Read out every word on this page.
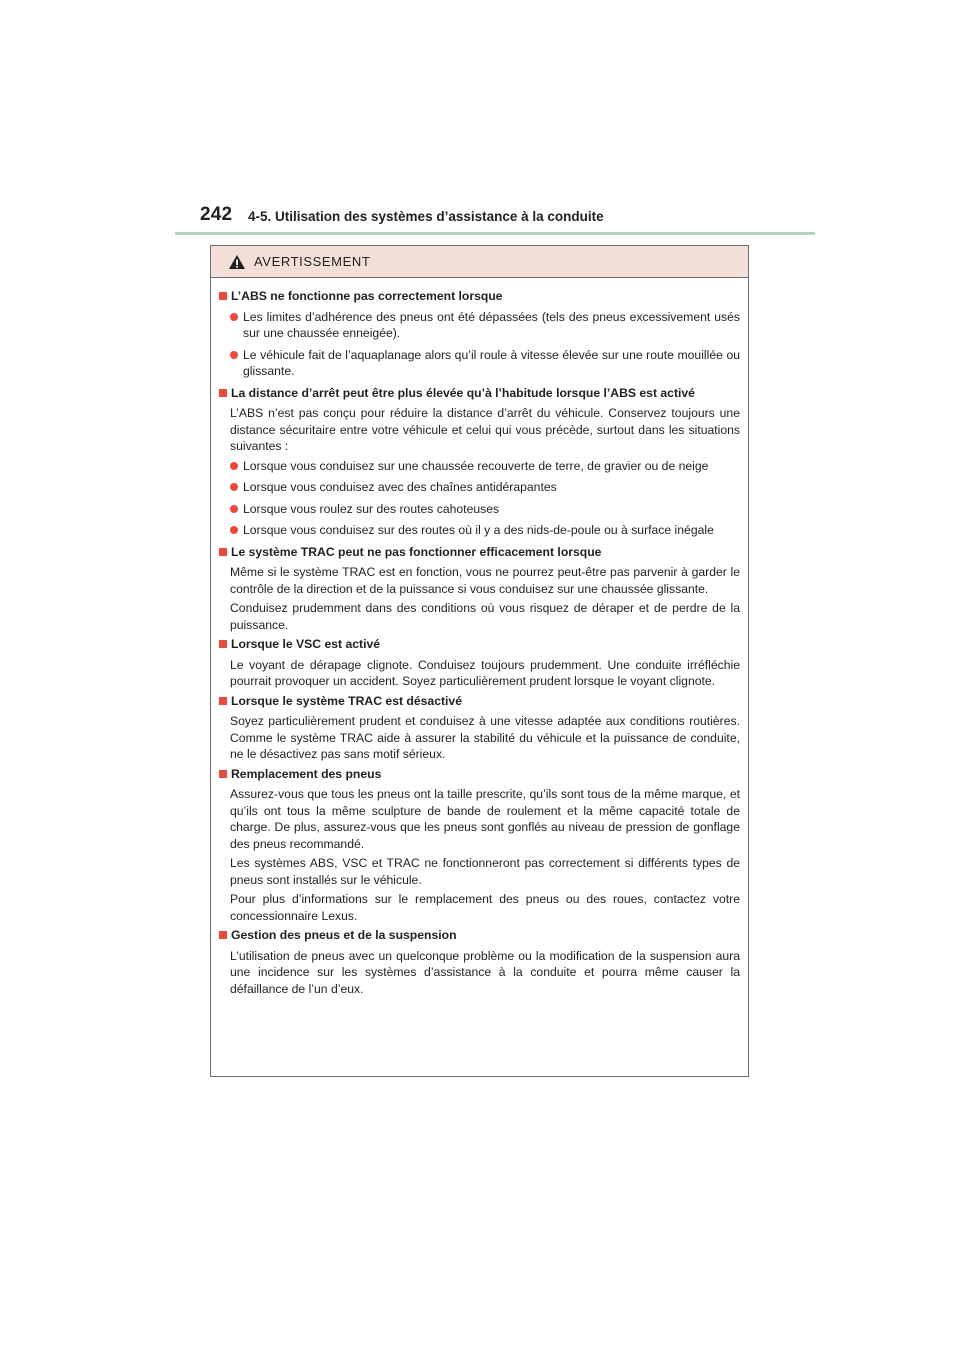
242 4-5. Utilisation des systèmes d’assistance à la conduite
AVERTISSEMENT
L’ABS ne fonctionne pas correctement lorsque
Les limites d’adhérence des pneus ont été dépassées (tels des pneus excessivement usés sur une chaussée enneigée).
Le véhicule fait de l’aquaplanage alors qu’il roule à vitesse élevée sur une route mouillée ou glissante.
La distance d’arrêt peut être plus élevée qu’à l’habitude lorsque l’ABS est activé
L’ABS n’est pas conçu pour réduire la distance d’arrêt du véhicule. Conservez toujours une distance sécuritaire entre votre véhicule et celui qui vous précède, surtout dans les situations suivantes :
Lorsque vous conduisez sur une chaussée recouverte de terre, de gravier ou de neige
Lorsque vous conduisez avec des chaînes antidérapantes
Lorsque vous roulez sur des routes cahoteuses
Lorsque vous conduisez sur des routes où il y a des nids-de-poule ou à surface inégale
Le système TRAC peut ne pas fonctionner efficacement lorsque
Même si le système TRAC est en fonction, vous ne pourrez peut-être pas parvenir à garder le contrôle de la direction et de la puissance si vous conduisez sur une chaussée glissante.
Conduisez prudemment dans des conditions où vous risquez de déraper et de perdre de la puissance.
Lorsque le VSC est activé
Le voyant de dérapage clignote. Conduisez toujours prudemment. Une conduite irréfléchie pourrait provoquer un accident. Soyez particulièrement prudent lorsque le voyant clignote.
Lorsque le système TRAC est désactivé
Soyez particulièrement prudent et conduisez à une vitesse adaptée aux conditions routières. Comme le système TRAC aide à assurer la stabilité du véhicule et la puissance de conduite, ne le désactivez pas sans motif sérieux.
Remplacement des pneus
Assurez-vous que tous les pneus ont la taille prescrite, qu’ils sont tous de la même marque, et qu’ils ont tous la même sculpture de bande de roulement et la même capacité totale de charge. De plus, assurez-vous que les pneus sont gonflés au niveau de pression de gonflage des pneus recommandé.
Les systèmes ABS, VSC et TRAC ne fonctionneront pas correctement si différents types de pneus sont installés sur le véhicule.
Pour plus d’informations sur le remplacement des pneus ou des roues, contactez votre concessionnaire Lexus.
Gestion des pneus et de la suspension
L’utilisation de pneus avec un quelconque problème ou la modification de la suspension aura une incidence sur les systèmes d’assistance à la conduite et pourra même causer la défaillance de l’un d’eux.
